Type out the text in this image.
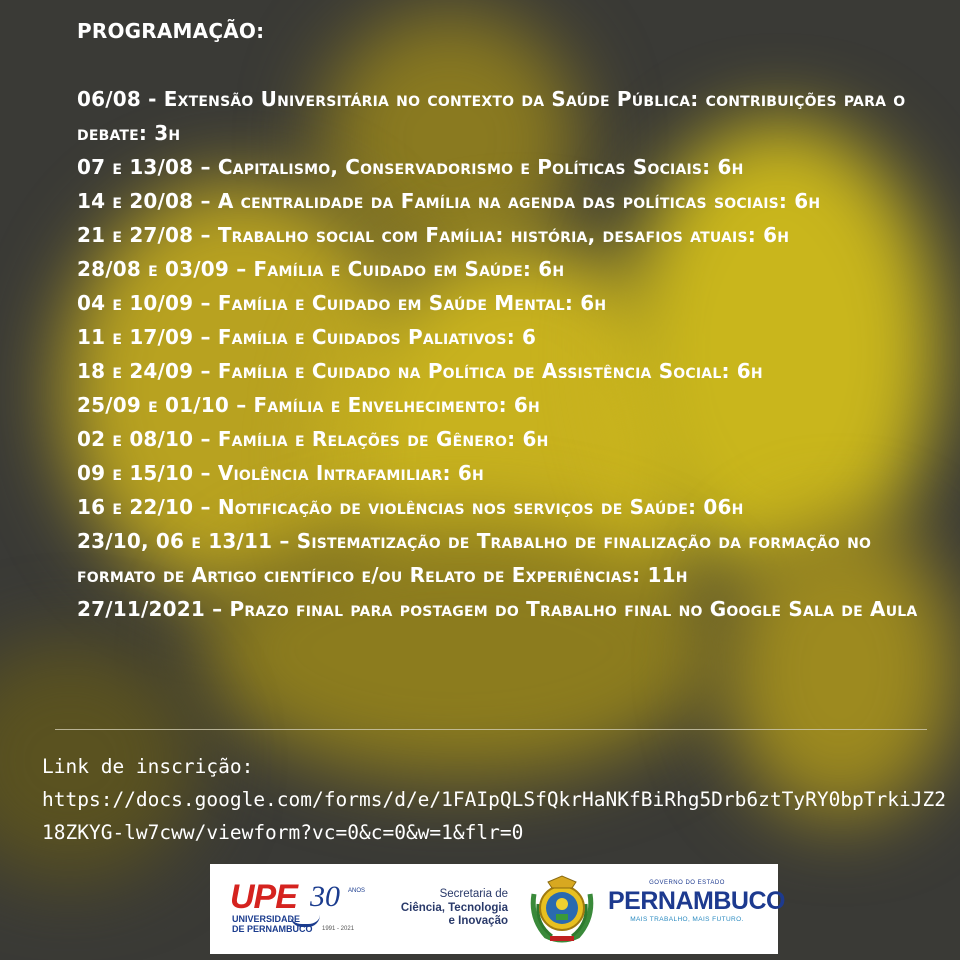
PROGRAMAÇÃO:

06/08 - Extensão Universitária no contexto da Saúde Pública: contribuições para o debate: 3h

07 e 13/08 – Capitalismo, Conservadorismo e Políticas Sociais: 6h

14 e 20/08 – A centralidade da Família na agenda das políticas sociais: 6h

21 e 27/08 – Trabalho social com Família: história, desafios atuais: 6h

28/08 e 03/09 – Família e Cuidado em Saúde: 6h

04 e 10/09 – Família e Cuidado em Saúde Mental: 6h

11 e 17/09 – Família e Cuidados Paliativos: 6

18 e 24/09 – Família e Cuidado na Política de Assistência Social: 6h

25/09 e 01/10 – Família e Envelhecimento: 6h

02 e 08/10 – Família e Relações de Gênero: 6h

09 e 15/10 – Violência Intrafamiliar: 6h

16 e 22/10 – Notificação de violências nos serviços de Saúde: 06h

23/10, 06 e 13/11 – Sistematização de Trabalho de finalização da formação no formato de Artigo científico e/ou Relato de Experiências: 11h

27/11/2021 – Prazo final para postagem do Trabalho final no Google Sala de Aula

Link de inscrição:
https://docs.google.com/forms/d/e/1FAIpQLSfQkrHaNKfBiRhg5Drb6ztTyRY0bpTrkiJZ218ZKYG-lw7cww/viewform?vc=0&c=0&w=1&flr=0
UPE 30 ANOS
UNIVERSIDADE
DE PERNAMBUCO 1991 - 2021
Secretaria de
Ciência, Tecnologia
e Inovação
GOVERNO DO ESTADO
PERNAMBUCO
MAIS TRABALHO, MAIS FUTURO.
